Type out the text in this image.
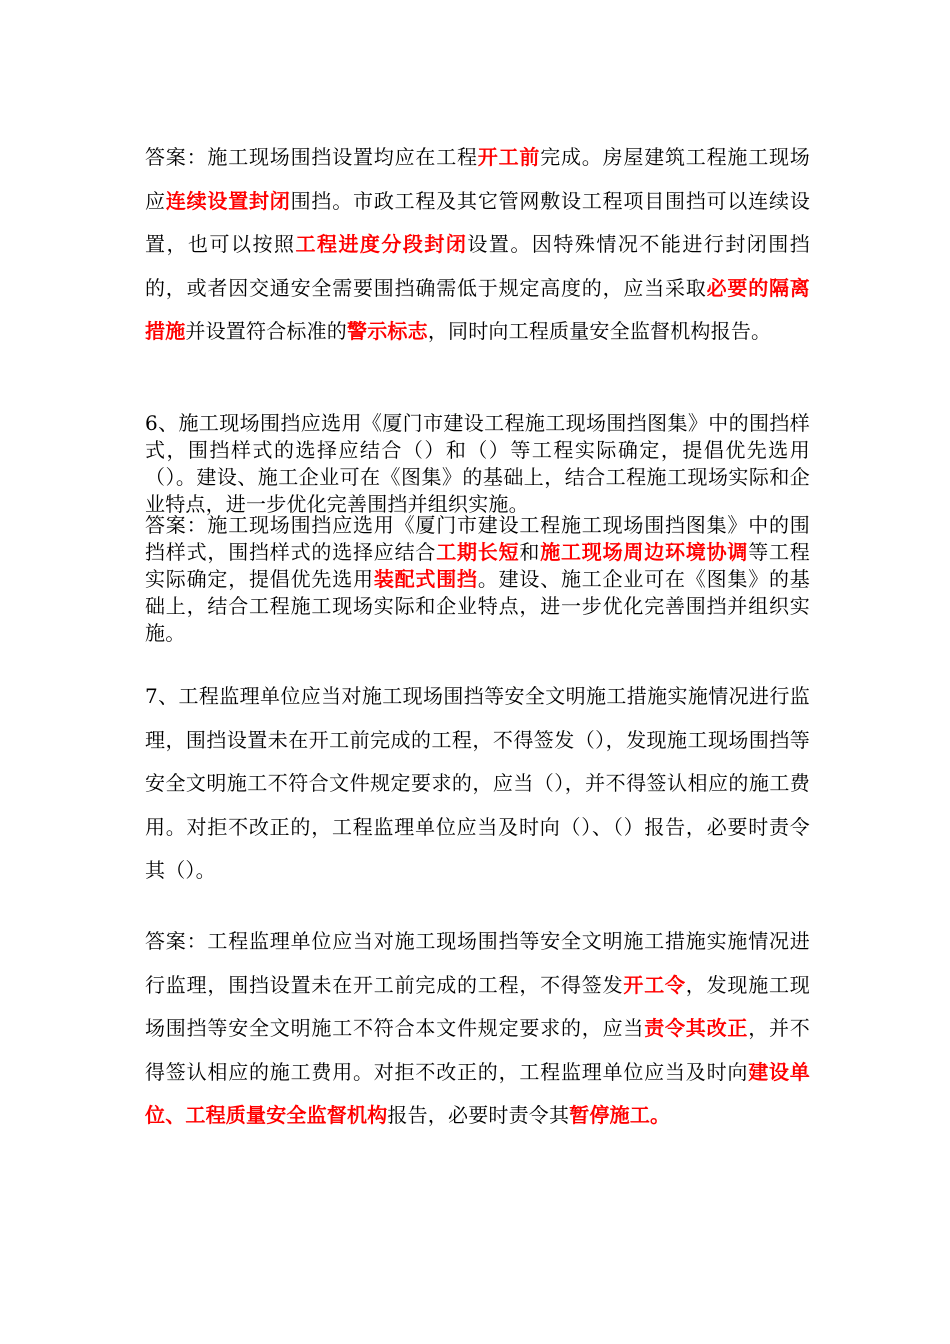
答案：施工现场围挡设置均应在工程开工前完成。房屋建筑工程施工现场应连续设置封闭围挡。市政工程及其它管网敷设工程项目围挡可以连续设置，也可以按照工程进度分段封闭设置。因特殊情况不能进行封闭围挡的，或者因交通安全需要围挡确需低于规定高度的，应当采取必要的隔离措施并设置符合标准的警示标志，同时向工程质量安全监督机构报告。

6、施工现场围挡应选用《厦门市建设工程施工现场围挡图集》中的围挡样式，围挡样式的选择应结合（）和（）等工程实际确定，提倡优先选用（）。建设、施工企业可在《图集》的基础上，结合工程施工现场实际和企业特点，进一步优化完善围挡并组织实施。

答案：施工现场围挡应选用《厦门市建设工程施工现场围挡图集》中的围挡样式，围挡样式的选择应结合工期长短和施工现场周边环境协调等工程实际确定，提倡优先选用装配式围挡。建设、施工企业可在《图集》的基础上，结合工程施工现场实际和企业特点，进一步优化完善围挡并组织实施。

7、工程监理单位应当对施工现场围挡等安全文明施工措施实施情况进行监理，围挡设置未在开工前完成的工程，不得签发（），发现施工现场围挡等安全文明施工不符合文件规定要求的，应当（），并不得签认相应的施工费用。对拒不改正的，工程监理单位应当及时向（）、（）报告，必要时责令其（）。

答案：工程监理单位应当对施工现场围挡等安全文明施工措施实施情况进行监理，围挡设置未在开工前完成的工程，不得签发开工令，发现施工现场围挡等安全文明施工不符合本文件规定要求的，应当责令其改正，并不得签认相应的施工费用。对拒不改正的，工程监理单位应当及时向建设单位、工程质量安全监督机构报告，必要时责令其暂停施工。
